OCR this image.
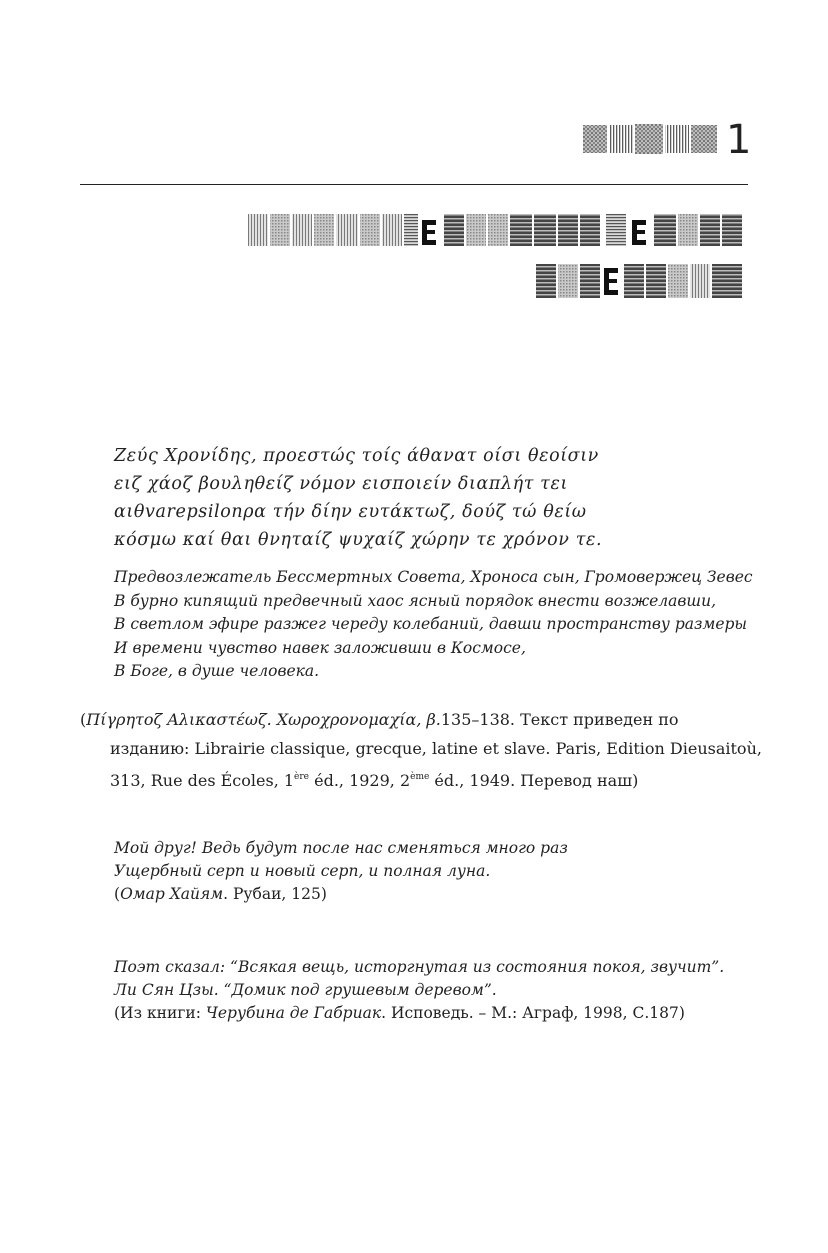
1
Ζεύς Χρονίδης, προεστώς τοίς άθανατ οίσι θεοίσιν
ειζ χάοζ βουληθείζ νόμον εισποιείν διαπλήτ τει
αιθvarepsilonρα τήν δίην ευτάκτωζ, δούζ τώ θείω
κόσμω καί θαι θνηταίζ ψυχαίζ χώρην τε χρόνον τε.
Предвозлежатель Бессмертных Совета, Хроноса сын, Громовержец Зевес
В бурно кипящий предвечный хаос ясный порядок внести возжелавши,
В светлом эфире разжег череду колебаний, давши пространству размеры
И времени чувство навек заложивши в Космосе,
В Боге, в душе человека.
(Πίγρητοζ Αλικαστέωζ. Χωροχρονομαχία, β.135–138. Текст приведен по
изданию: Librairie classique, grecque, latine et slave. Paris, Edition Dieusaitoù,
313, Rue des Écoles, 1ère éd., 1929, 2ème éd., 1949. Перевод наш)
Мой друг! Ведь будут после нас сменяться много раз
Ущербный серп и новый серп, и полная луна.
(Омар Хайям. Рубаи, 125)
Поэт сказал: “Всякая вещь, исторгнутая из состояния покоя, звучит”.
Ли Сян Цзы. “Домик под грушевым деревом”.
(Из книги: Черубина де Габриак. Исповедь. – М.: Аграф, 1998, С.187)
